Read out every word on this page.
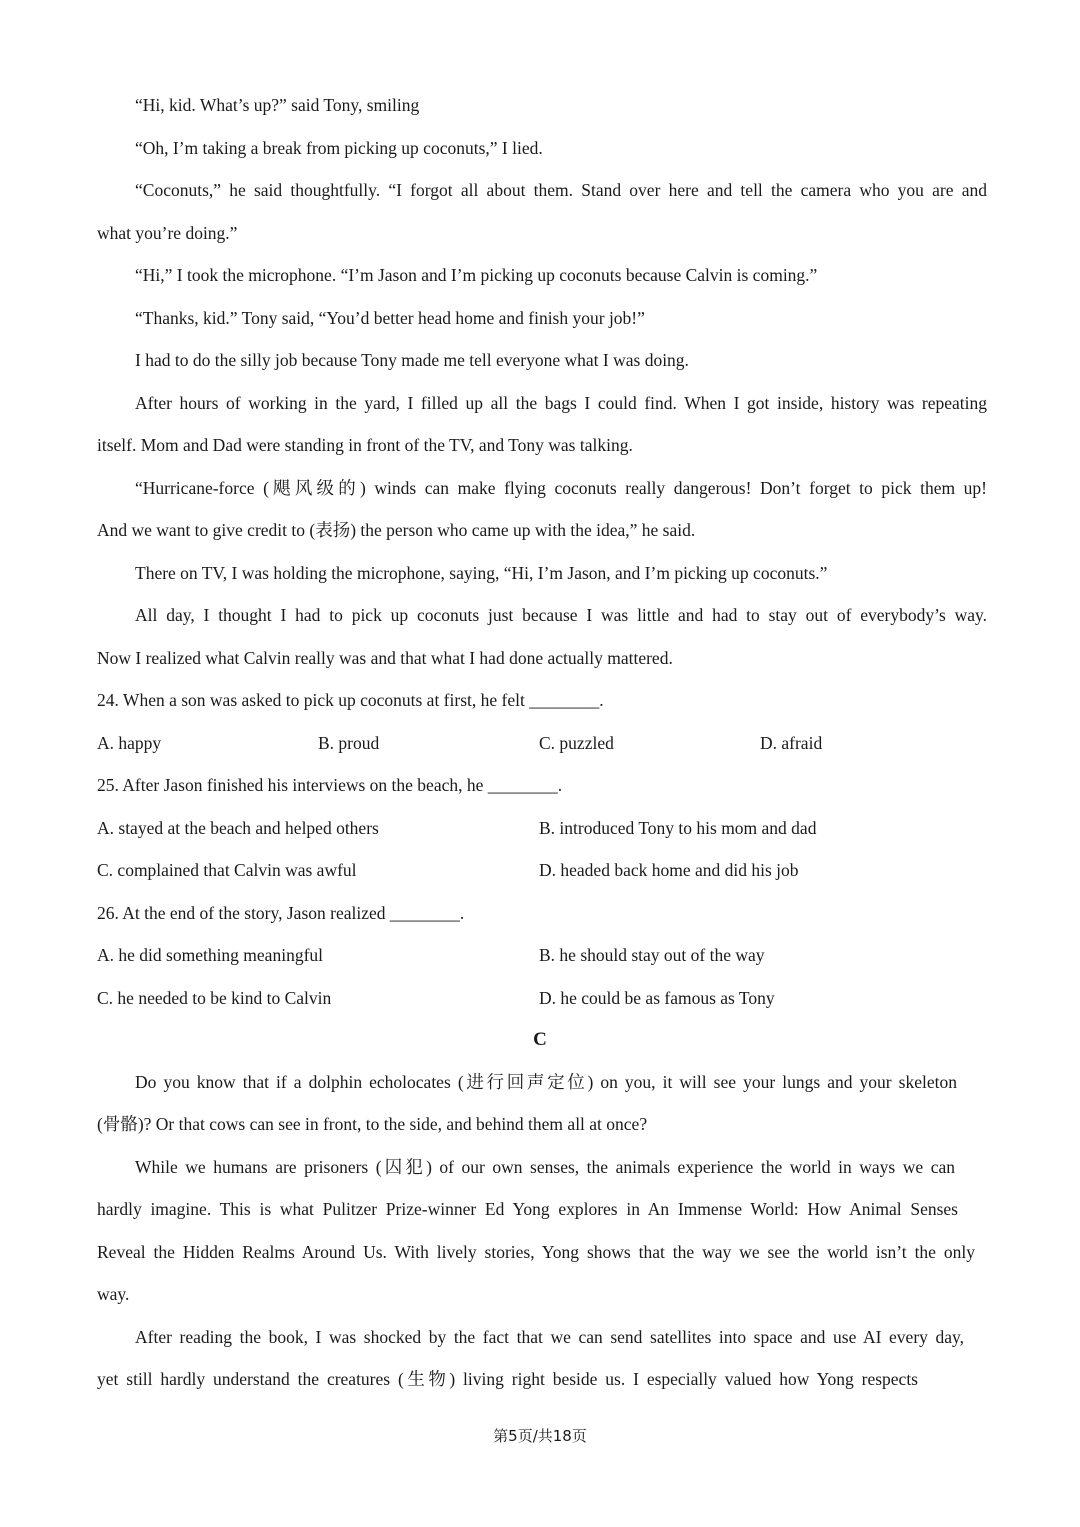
“Hi, kid. What’s up?” said Tony, smiling
“Oh, I’m taking a break from picking up coconuts,” I lied.
“Coconuts,” he said thoughtfully. “I forgot all about them. Stand over here and tell the camera who you are and
what you’re doing.”
“Hi,” I took the microphone. “I’m Jason and I’m picking up coconuts because Calvin is coming.”
“Thanks, kid.” Tony said, “You’d better head home and finish your job!”
I had to do the silly job because Tony made me tell everyone what I was doing.
After hours of working in the yard, I filled up all the bags I could find. When I got inside, history was repeating
itself. Mom and Dad were standing in front of the TV, and Tony was talking.
“Hurricane-force (飓风级的) winds can make flying coconuts really dangerous! Don’t forget to pick them up!
And we want to give credit to (表扬) the person who came up with the idea,” he said.
There on TV, I was holding the microphone, saying, “Hi, I’m Jason, and I’m picking up coconuts.”
All day, I thought I had to pick up coconuts just because I was little and had to stay out of everybody’s way.
Now I realized what Calvin really was and that what I had done actually mattered.
24. When a son was asked to pick up coconuts at first, he felt ________.
A. happy	B. proud	C. puzzled	D. afraid
25. After Jason finished his interviews on the beach, he ________.
A. stayed at the beach and helped others	B. introduced Tony to his mom and dad
C. complained that Calvin was awful	D. headed back home and did his job
26. At the end of the story, Jason realized ________.
A. he did something meaningful	B. he should stay out of the way
C. he needed to be kind to Calvin	D. he could be as famous as Tony
C
Do you know that if a dolphin echolocates (进行回声定位) on you, it will see your lungs and your skeleton
(骨骼)? Or that cows can see in front, to the side, and behind them all at once?
While we humans are prisoners (囚犯) of our own senses, the animals experience the world in ways we can
hardly imagine. This is what Pulitzer Prize-winner Ed Yong explores in An Immense World: How Animal Senses
Reveal the Hidden Realms Around Us. With lively stories, Yong shows that the way we see the world isn’t the only
way.
After reading the book, I was shocked by the fact that we can send satellites into space and use AI every day,
yet still hardly understand the creatures (生物) living right beside us. I especially valued how Yong respects
第5页/共18页
